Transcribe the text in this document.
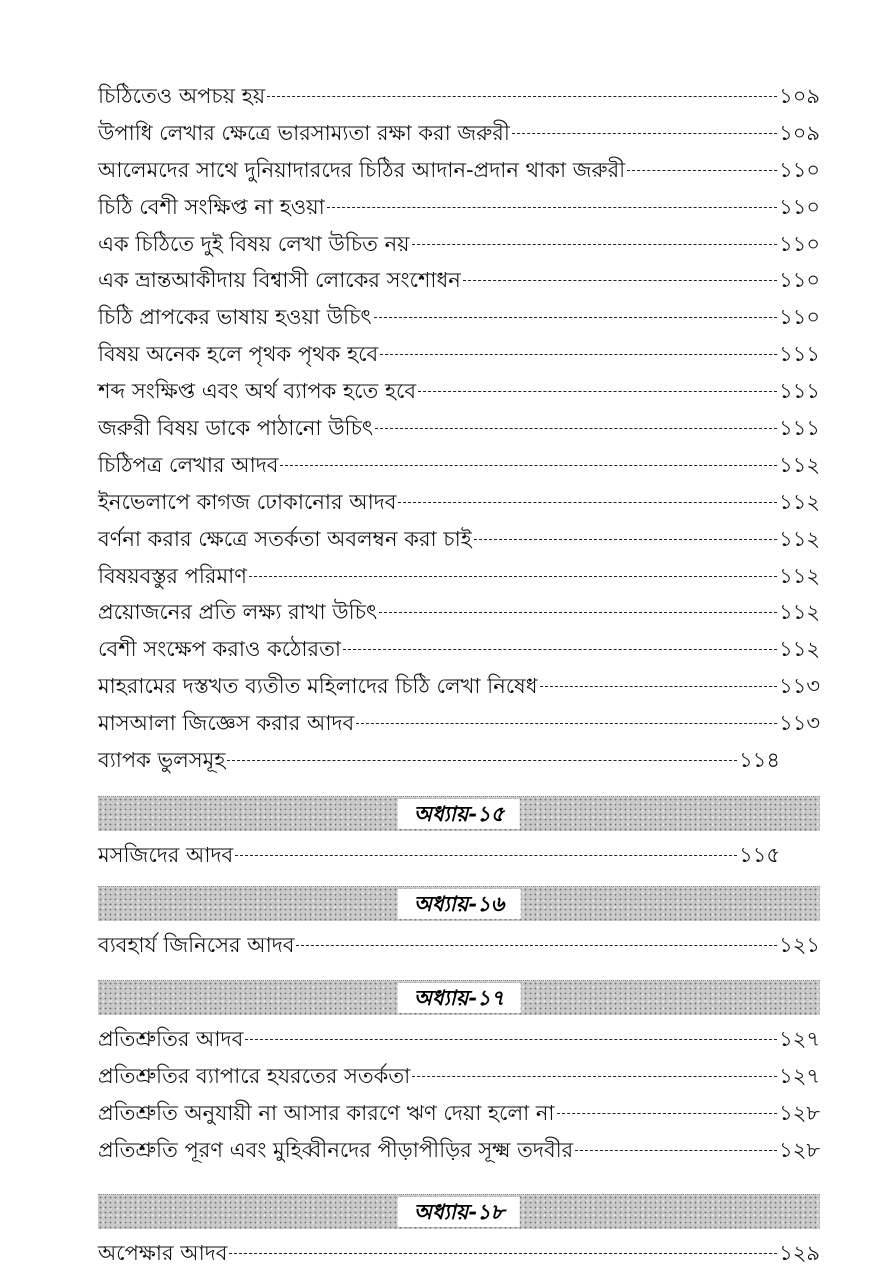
চিঠিতেও অপচয় হয়	১০৯
উপাধি লেখার ক্ষেত্রে ভারসাম্যতা রক্ষা করা জরুরী	১০৯
আলেমদের সাথে দুনিয়াদারদের চিঠির আদান-প্রদান থাকা জরুরী	১১০
চিঠি বেশী সংক্ষিপ্ত না হওয়া	১১০
এক চিঠিতে দুই বিষয় লেখা উচিত নয়	১১০
এক ভ্রান্তআকীদায় বিশ্বাসী লোকের সংশোধন	১১০
চিঠি প্রাপকের ভাষায় হওয়া উচিৎ	১১০
বিষয় অনেক হলে পৃথক পৃথক হবে	১১১
শব্দ সংক্ষিপ্ত এবং অর্থ ব্যাপক হতে হবে	১১১
জরুরী বিষয় ডাকে পাঠানো উচিৎ	১১১
চিঠিপত্র লেখার আদব	১১২
ইনভেলাপে কাগজ ঢোকানোর আদব	১১২
বর্ণনা করার ক্ষেত্রে সতর্কতা অবলম্বন করা চাই	১১২
বিষয়বস্তুর পরিমাণ	১১২
প্রয়োজনের প্রতি লক্ষ্য রাখা উচিৎ	১১২
বেশী সংক্ষেপ করাও কঠোরতা	১১২
মাহরামের দস্তখত ব্যতীত মহিলাদের চিঠি লেখা নিষেধ	১১৩
মাসআলা জিজ্ঞেস করার আদব	১১৩
ব্যাপক ভুলসমূহ	১১৪
অধ্যায়-১৫
মসজিদের আদব	১১৫
অধ্যায়-১৬
ব্যবহার্য জিনিসের আদব	১২১
অধ্যায়-১৭
প্রতিশ্রুতির আদব	১২৭
প্রতিশ্রুতির ব্যাপারে হযরতের সতর্কতা	১২৭
প্রতিশ্রুতি অনুযায়ী না আসার কারণে ঋণ দেয়া হলো না	১২৮
প্রতিশ্রুতি পূরণ এবং মুহিব্বীনদের পীড়াপীড়ির সূক্ষ্ম তদবীর	১২৮
অধ্যায়-১৮
অপেক্ষার আদব	১২৯
